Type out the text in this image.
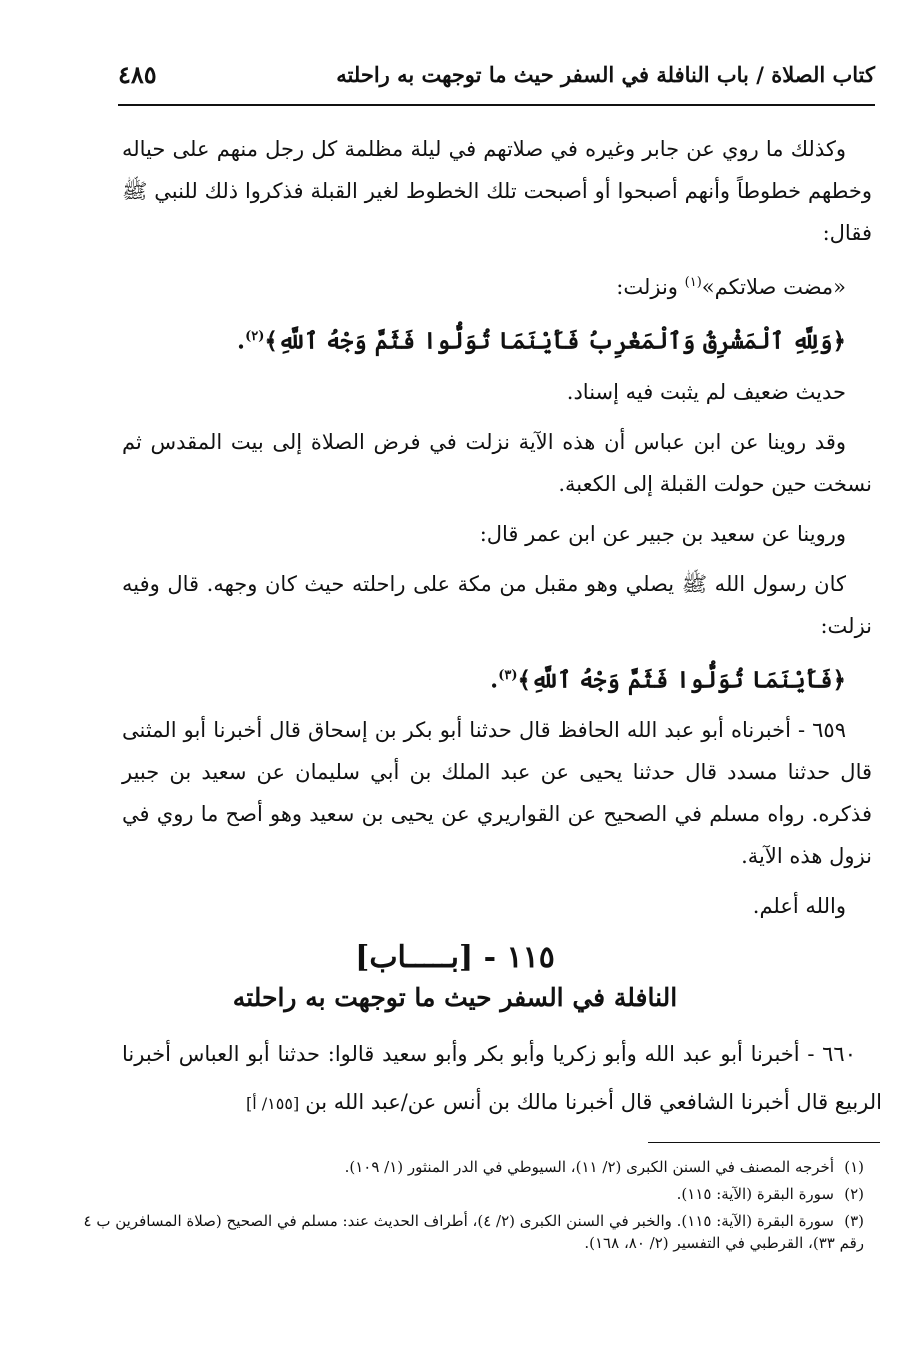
كتاب الصلاة / باب النافلة في السفر حيث ما توجهت به راحلته
٤٨٥

وكذلك ما روي عن جابر وغيره في صلاتهم في ليلة مظلمة كل رجل منهم على حياله وخطهم خطوطاً وأنهم أصبحوا أو أصبحت تلك الخطوط لغير القبلة فذكروا ذلك للنبي ﷺ فقال:

«مضت صلاتكم»$^{(١)}$ ونزلت:

﴿وَلِلَّهِ ٱلْمَشْرِقُ وَٱلْمَغْرِبُ فَأَيْنَمَا تُوَلُّوا فَثَمَّ وَجْهُ ٱللَّهِ﴾$^{(٢)}$.

حديث ضعيف لم يثبت فيه إسناد.

وقد روينا عن ابن عباس أن هذه الآية نزلت في فرض الصلاة إلى بيت المقدس ثم نسخت حين حولت القبلة إلى الكعبة.

وروينا عن سعيد بن جبير عن ابن عمر قال:

كان رسول الله ﷺ يصلي وهو مقبل من مكة على راحلته حيث كان وجهه. قال وفيه نزلت:

﴿فَأَيْنَمَا تُوَلُّوا فَثَمَّ وَجْهُ ٱللَّهِ﴾$^{(٣)}$.

٦٥٩ - أخبرناه أبو عبد الله الحافظ قال حدثنا أبو بكر بن إسحاق قال أخبرنا أبو المثنى قال حدثنا مسدد قال حدثنا يحيى عن عبد الملك بن أبي سليمان عن سعيد بن جبير فذكره. رواه مسلم في الصحيح عن القواريري عن يحيى بن سعيد وهو أصح ما روي في نزول هذه الآية.

والله أعلم.

١١٥ - [بـــــاب]
النافلة في السفر حيث ما توجهت به راحلته

٦٦٠ - أخبرنا أبو عبد الله وأبو زكريا وأبو بكر وأبو سعيد قالوا: حدثنا أبو العباس أخبرنا الربيع قال أخبرنا الشافعي قال أخبرنا مالك بن أنس عن/عبد الله بن[١٥٥/ أ]

(١)أخرجه المصنف في السنن الكبرى (٢/ ١١)، السيوطي في الدر المنثور (١/ ١٠٩).

(٢)سورة البقرة (الآية: ١١٥).

(٣)سورة البقرة (الآية: ١١٥). والخبر في السنن الكبرى (٢/ ٤)، أطراف الحديث عند: مسلم في الصحيح (صلاة المسافرين ب ٤ رقم ٣٣)، القرطبي في التفسير (٢/ ٨٠، ١٦٨).
